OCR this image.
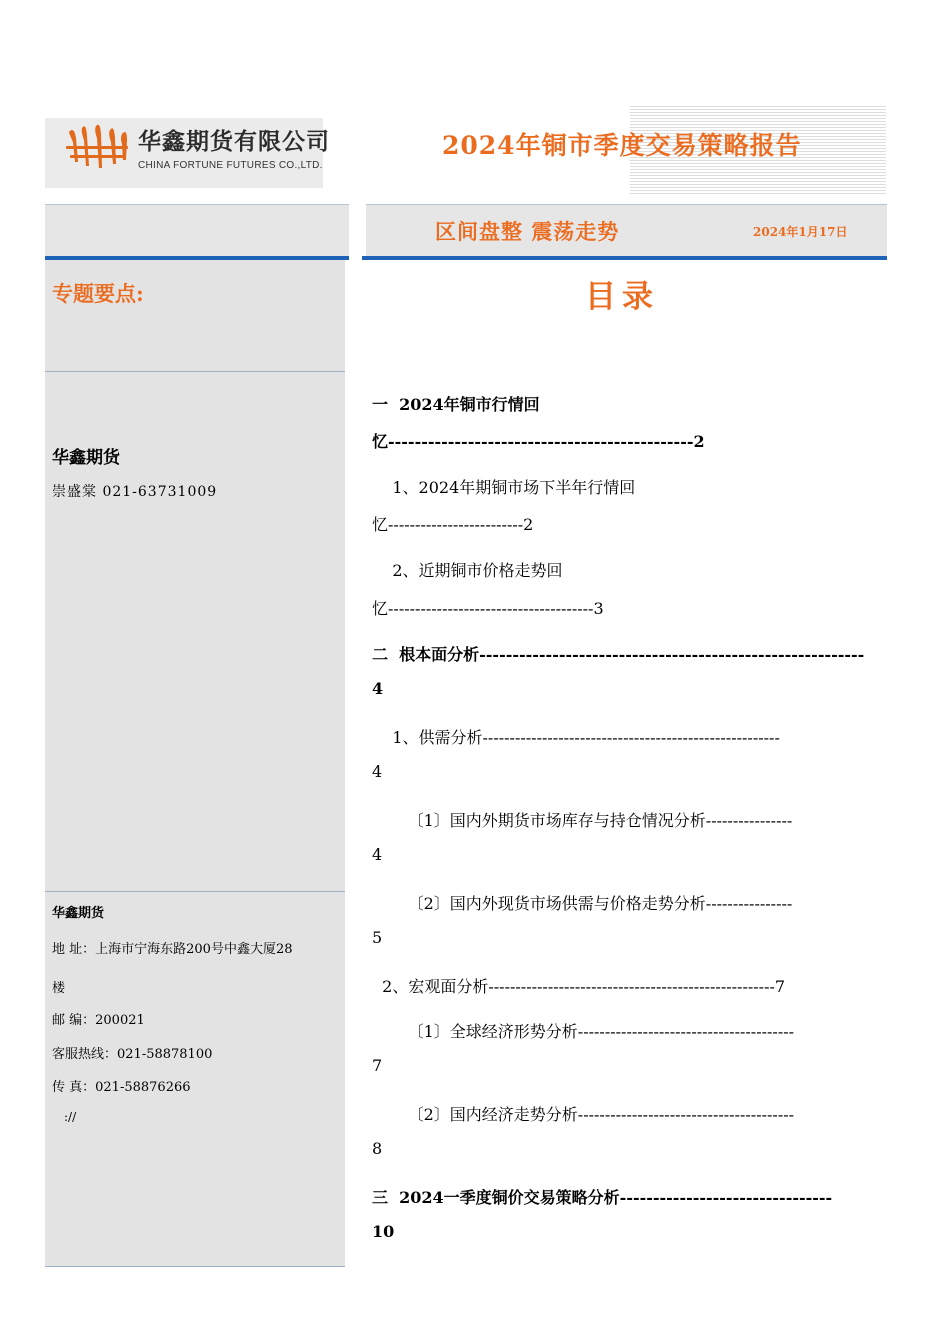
华鑫期货有限公司
CHINA FORTUNE FUTURES CO.,LTD.
2024年铜市季度交易策略报告
区间盘整 震荡走势	2024年1月17日
专题要点:
华鑫期货
崇盛棠 021-63731009
华鑫期货
地 址：上海市宁海东路200号中鑫大厦28
楼
邮 编：200021
客服热线：021-58878100
传 真：021-58876266
://
目录
一  2024年铜市行情回
忆----------------------------------------------2
1、2024年期铜市场下半年行情回
忆-------------------------2
2、近期铜市价格走势回
忆--------------------------------------3
二  根本面分析----------------------------------------------------------
4
1、供需分析-------------------------------------------------------
4
〔1〕国内外期货市场库存与持仓情况分析----------------
4
〔2〕国内外现货市场供需与价格走势分析----------------
5
2、宏观面分析-----------------------------------------------------7
〔1〕全球经济形势分析----------------------------------------
7
〔2〕国内经济走势分析----------------------------------------
8
三  2024一季度铜价交易策略分析--------------------------------
10
